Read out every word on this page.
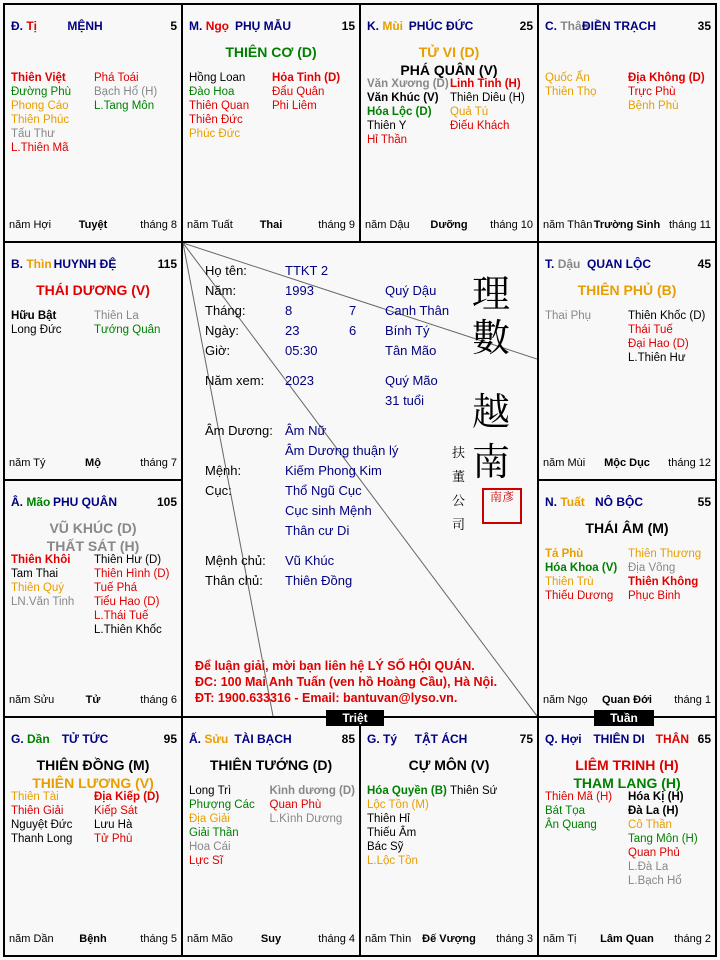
Đ. Tị	MỆNH	5
Thiên Việt
Đường Phù
Phong Cáo
Thiên Phúc
Tấu Thư
L.Thiên Mã
Phá Toái
Bạch Hổ (H)
L.Tang Môn
năm Hợi	Tuyệt	tháng 8
M. Ngọ PHỤ MẪU	15
THIÊN CƠ (D)
Hồng Loan
Đào Hoa
Thiên Quan
Thiên Đức
Phúc Đức
Hỏa Tinh (D)
Đẩu Quân
Phi Liêm
năm Tuất	Thai	tháng 9
K. Mùi PHÚC ĐỨC	25
TỬ VI (D)
PHÁ QUÂN (V)
Văn Xương (D)
Văn Khúc (V)
Hóa Lộc (D)
Thiên Y
Hỉ Thần
Linh Tinh (H)
Thiên Diêu (H)
Quả Tú
Điếu Khách
năm Dậu	Dưỡng	tháng 10
C. Thân
ĐIỀN TRẠCH	35
Quốc Ấn
Thiên Thọ
Địa Không (D)
Trực Phù
Bệnh Phù
năm Thân Trường Sinh tháng 11
B. Thìn HUYNH ĐỆ	115
THÁI DƯƠNG (V)
Hữu Bật
Long Đức
Thiên La
Tướng Quân
năm Tý	Mộ	tháng 7
T. Dậu QUAN LỘC	45
THIÊN PHỦ (B)
Thai Phụ	Thiên Khốc (D)
Thái Tuế
Đại Hao (D)
L.Thiên Hư
năm Mùi	Mộc Dục	tháng 12
Â. Mão PHU QUÂN	105
VŨ KHÚC (D)
THẤT SÁT (H)
Thiên Khôi
Tam Thai
Thiên Quý
LN.Văn Tinh
Thiên Hư (D)
Thiên Hình (D)
Tuế Phá
Tiểu Hao (D)
L.Thái Tuế
L.Thiên Khốc
năm Sửu	Tử	tháng 6
N. Tuất NÔ BỘC	55
THÁI ÂM (M)
Tả Phù
Hóa Khoa (V)
Thiên Trù
Thiếu Dương
Thiên Thương
Địa Võng
Thiên Không
Phục Binh
năm Ngọ	Quan Đới	tháng 1
G. Dần	TỬ TỨC	95
THIÊN ĐỒNG (M)
THIÊN LƯƠNG (V)
Thiên Tài
Thiên Giải
Nguyệt Đức
Thanh Long
Địa Kiếp (D)
Kiếp Sát
Lưu Hà
Tử Phù
năm Dần	Bệnh	tháng 5
Ấ. Sửu TÀI BẠCH	85
THIÊN TƯỚNG (D)
Long Trì
Phượng Các
Địa Giải
Giải Thần
Hoa Cái
Lực Sĩ
Kình dương (D)
Quan Phù
L.Kình Dương
năm Mão	Suy	tháng 4
G. Tý	TẬT ÁCH	75
CỰ MÔN (V)
Hóa Quyền (B)
Lộc Tồn (M)
Thiên Hỉ
Thiếu Âm
Bác Sỹ
L.Lộc Tồn
Thiên Sứ
năm Thìn Đế Vượng	tháng 3
Q. Hợi THIÊN DI THÂN 65
LIÊM TRINH (H)
THAM LANG (H)
Thiên Mã (H)
Bát Tọa
Ân Quang
Hóa Kị (H)
Đà La (H)
Cô Thần
Tang Môn (H)
Quan Phủ
L.Đà La
L.Bạch Hổ
năm Tị	Lâm Quan	tháng 2
Họ tên:	TTKT 2
Năm:	1993	Quý Dậu
Tháng:	8	7 Canh Thân
Ngày:	23	6 Bính Tý
Giờ:	05:30	Tân Mão
Năm xem: 2023	Quý Mão
31 tuổi
Âm Dương: Âm Nữ
Âm Dương thuận lý
Mệnh:	Kiếm Phong Kim
Cục:	Thổ Ngũ Cục
Cục sinh Mệnh
Thân cư Di
Mệnh chủ: Vũ Khúc
Thân chủ: Thiên Đồng
理
數
越
南
扶
董
公
司
南彥
Để luận giải, mời bạn liên hệ LÝ SỐ HỘI QUÁN.
ĐC: 100 Mai Anh Tuấn (ven hồ Hoàng Cầu), Hà Nội.
ĐT: 1900.633316 - Email: bantuvan@lyso.vn.
Triệt	Tuần
